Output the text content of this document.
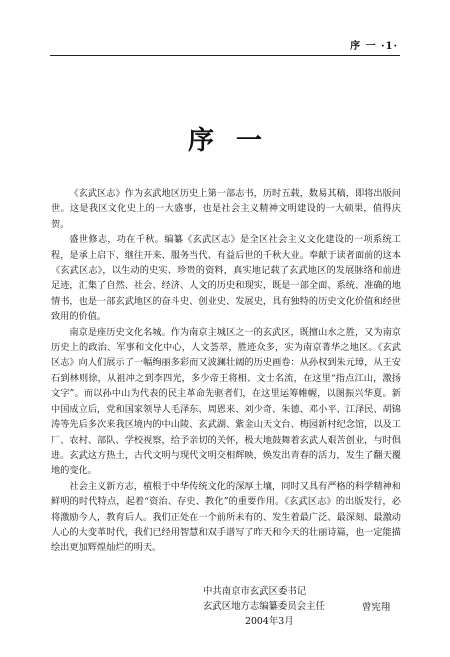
序 一 ·1·
序一

《玄武区志》作为玄武地区历史上第一部志书，历时五载，数易其稿，即将出版问世。这是我区文化史上的一大盛事，也是社会主义精神文明建设的一大硕果，值得庆贺。

盛世修志，功在千秋。编纂《玄武区志》是全区社会主义文化建设的一项系统工程，是承上启下、继往开来、服务当代、有益后世的千秋大业。奉献于读者面前的这本《玄武区志》，以生动的史实、珍贵的资料，真实地记载了玄武地区的发展脉络和前进足迹，汇集了自然、社会、经济、人文的历史和现实，既是一部全面、系统、准确的地情书，也是一部玄武地区的奋斗史、创业史、发展史，具有独特的历史文化价值和经世致用的价值。

南京是座历史文化名城。作为南京主城区之一的玄武区，既擅山水之胜，又为南京历史上的政治、军事和文化中心，人文荟萃，胜迹众多，实为南京菁华之地区。《玄武区志》向人们展示了一幅绚丽多彩而又波澜壮阔的历史画卷：从孙权到朱元璋，从王安石到林则徐，从祖冲之到李四光，多少帝王将相、文士名流，在这里“指点江山，激扬文字”。而以孙中山为代表的民主革命先驱者们，在这里运筹帷幄，以图振兴华夏。新中国成立后，党和国家领导人毛泽东、周恩来、刘少奇、朱德、邓小平、江泽民、胡锦涛等先后多次来我区境内的中山陵、玄武湖、紫金山天文台、梅园新村纪念馆，以及工厂、农村、部队、学校视察，给予亲切的关怀，极大地鼓舞着玄武人艰苦创业，与时俱进。玄武这方热土，古代文明与现代文明交相辉映，焕发出青春的活力，发生了翻天覆地的变化。

社会主义新方志，植根于中华传统文化的深厚土壤，同时又具有严格的科学精神和鲜明的时代特点，起着“资治、存史、教化”的重要作用。《玄武区志》的出版发行，必将激励今人，教育后人。我们正处在一个前所未有的、发生着最广泛、最深刻、最激动人心的大变革时代，我们已经用智慧和双手谱写了昨天和今天的壮丽诗篇，也一定能描绘出更加辉煌灿烂的明天。

中共南京市玄武区委书记
玄武区地方志编纂委员会主任
2004年3月
曾宪翔
